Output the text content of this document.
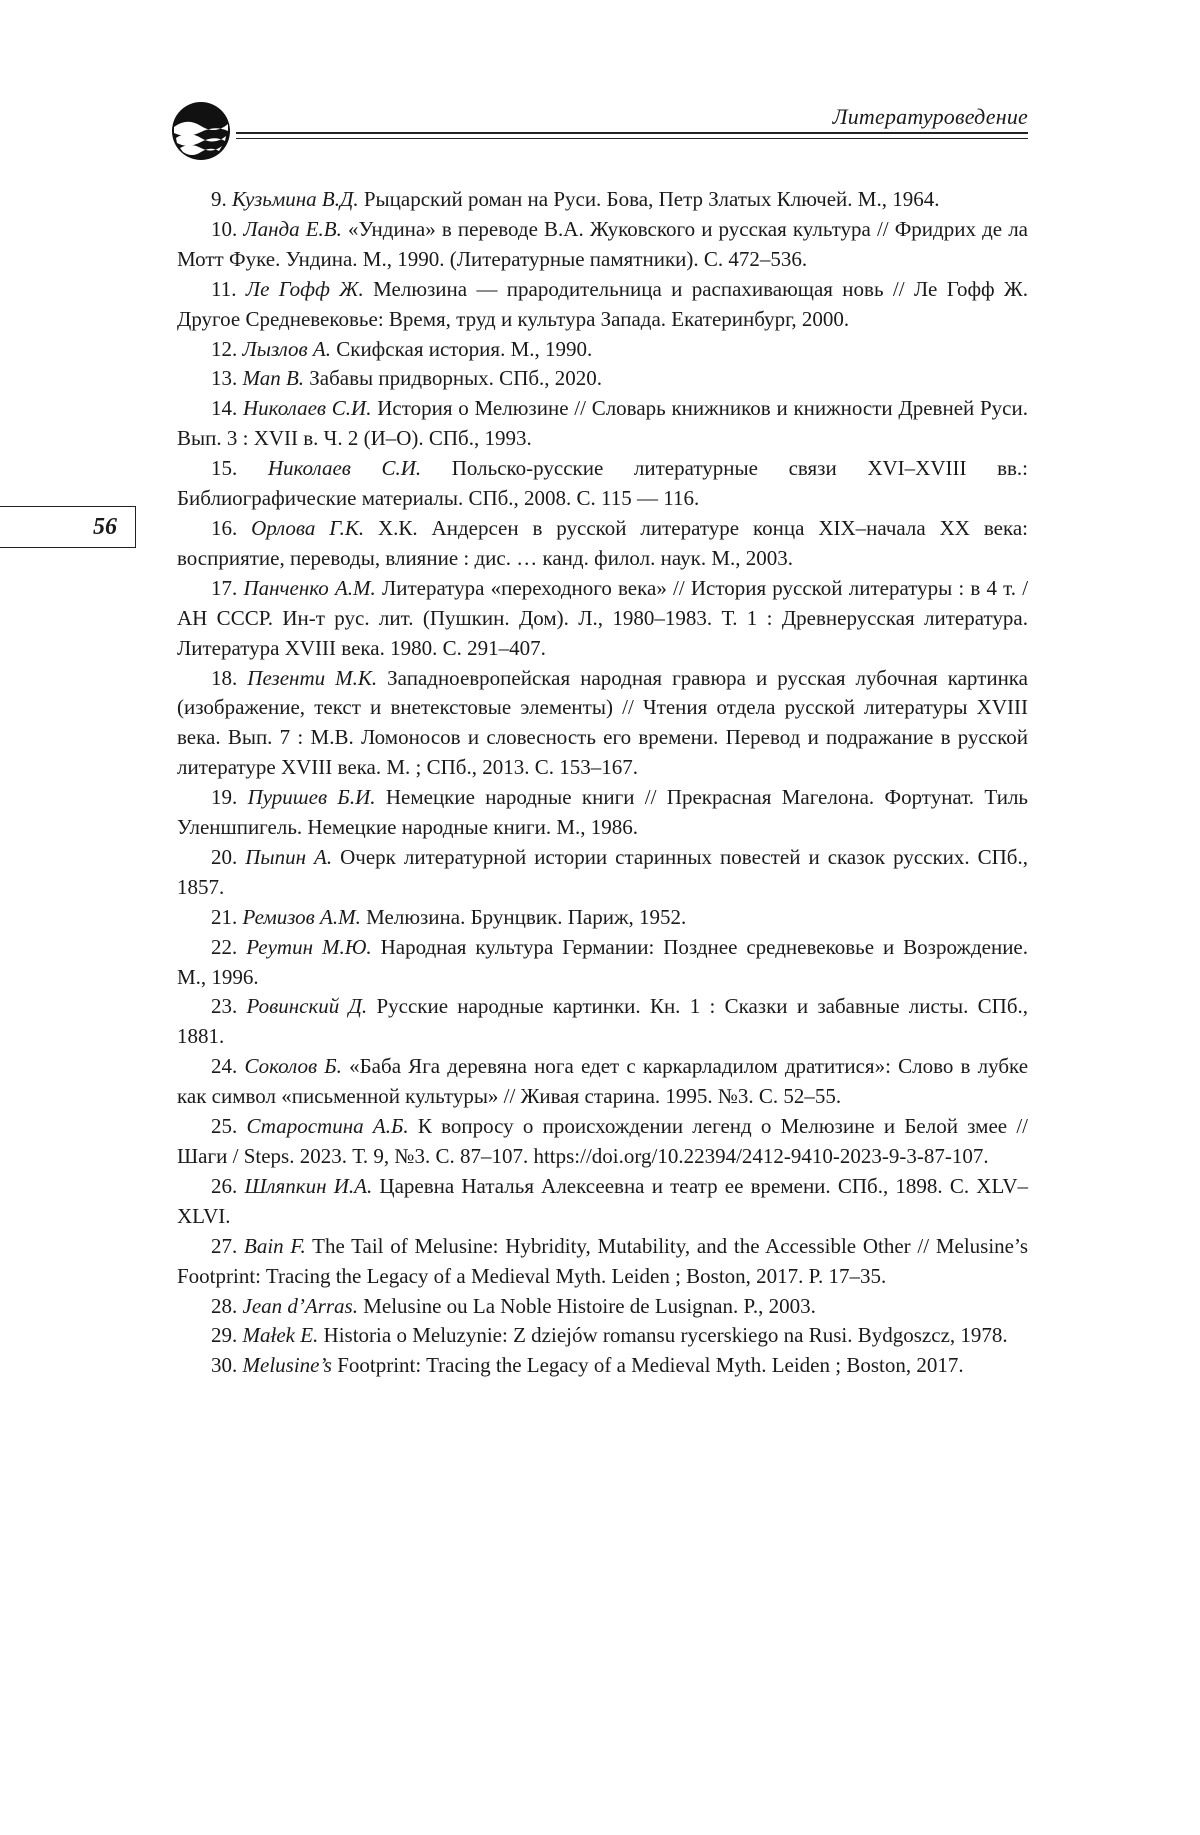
Литературоведение
56

9. Кузьмина В.Д. Рыцарский роман на Руси. Бова, Петр Златых Ключей. М., 1964.

10. Ланда Е.В. «Ундина» в переводе В.А. Жуковского и русская культура // Фридрих де ла Мотт Фуке. Ундина. М., 1990. (Литературные памятники). С. 472–536.

11. Ле Гофф Ж. Мелюзина — прародительница и распахивающая новь // Ле Гофф Ж. Другое Средневековье: Время, труд и культура Запада. Екатеринбург, 2000.

12. Лызлов А. Скифская история. М., 1990.

13. Мап В. Забавы придворных. СПб., 2020.

14. Николаев С.И. История о Мелюзине // Словарь книжников и книжности Древней Руси. Вып. 3 : XVII в. Ч. 2 (И–О). СПб., 1993.

15. Николаев С.И. Польско-русские литературные связи XVI–XVIII вв.: Библиографические материалы. СПб., 2008. С. 115 — 116.

16. Орлова Г.К. Х.К. Андерсен в русской литературе конца XIX–начала XX века: восприятие, переводы, влияние : дис. … канд. филол. наук. М., 2003.

17. Панченко А.М. Литература «переходного века» // История русской литературы : в 4 т. / АН СССР. Ин-т рус. лит. (Пушкин. Дом). Л., 1980–1983. Т. 1 : Древнерусская литература. Литература XVIII века. 1980. С. 291–407.

18. Пезенти М.К. Западноевропейская народная гравюра и русская лубочная картинка (изображение, текст и внетекстовые элементы) // Чтения отдела русской литературы XVIII века. Вып. 7 : М.В. Ломоносов и словесность его времени. Перевод и подражание в русской литературе XVIII века. М. ; СПб., 2013. С. 153–167.

19. Пуришев Б.И. Немецкие народные книги // Прекрасная Магелона. Фортунат. Тиль Уленшпигель. Немецкие народные книги. М., 1986.

20. Пыпин А. Очерк литературной истории старинных повестей и сказок русских. СПб., 1857.

21. Ремизов А.М. Мелюзина. Брунцвик. Париж, 1952.

22. Реутин М.Ю. Народная культура Германии: Позднее средневековье и Возрождение. М., 1996.

23. Ровинский Д. Русские народные картинки. Кн. 1 : Сказки и забавные листы. СПб., 1881.

24. Соколов Б. «Баба Яга деревяна нога едет с каркарладилом дратитися»: Слово в лубке как символ «письменной культуры» // Живая старина. 1995. №3. С. 52–55.

25. Старостина А.Б. К вопросу о происхождении легенд о Мелюзине и Белой змее // Шаги / Steps. 2023. Т. 9, №3. С. 87–107. https://doi.org/10.22394/2412-9410-2023-9-3-87-107.

26. Шляпкин И.А. Царевна Наталья Алексеевна и театр ее времени. СПб., 1898. С. XLV–XLVI.

27. Bain F. The Tail of Melusine: Hybridity, Mutability, and the Accessible Other // Melusine’s Footprint: Tracing the Legacy of a Medieval Myth. Leiden ; Boston, 2017. P. 17–35.

28. Jean d’Arras. Melusine ou La Noble Histoire de Lusignan. P., 2003.

29. Małek E. Historia o Meluzynie: Z dziejów romansu rycerskiego na Rusi. Bydgoszcz, 1978.

30. Melusine’s Footprint: Tracing the Legacy of a Medieval Myth. Leiden ; Boston, 2017.
